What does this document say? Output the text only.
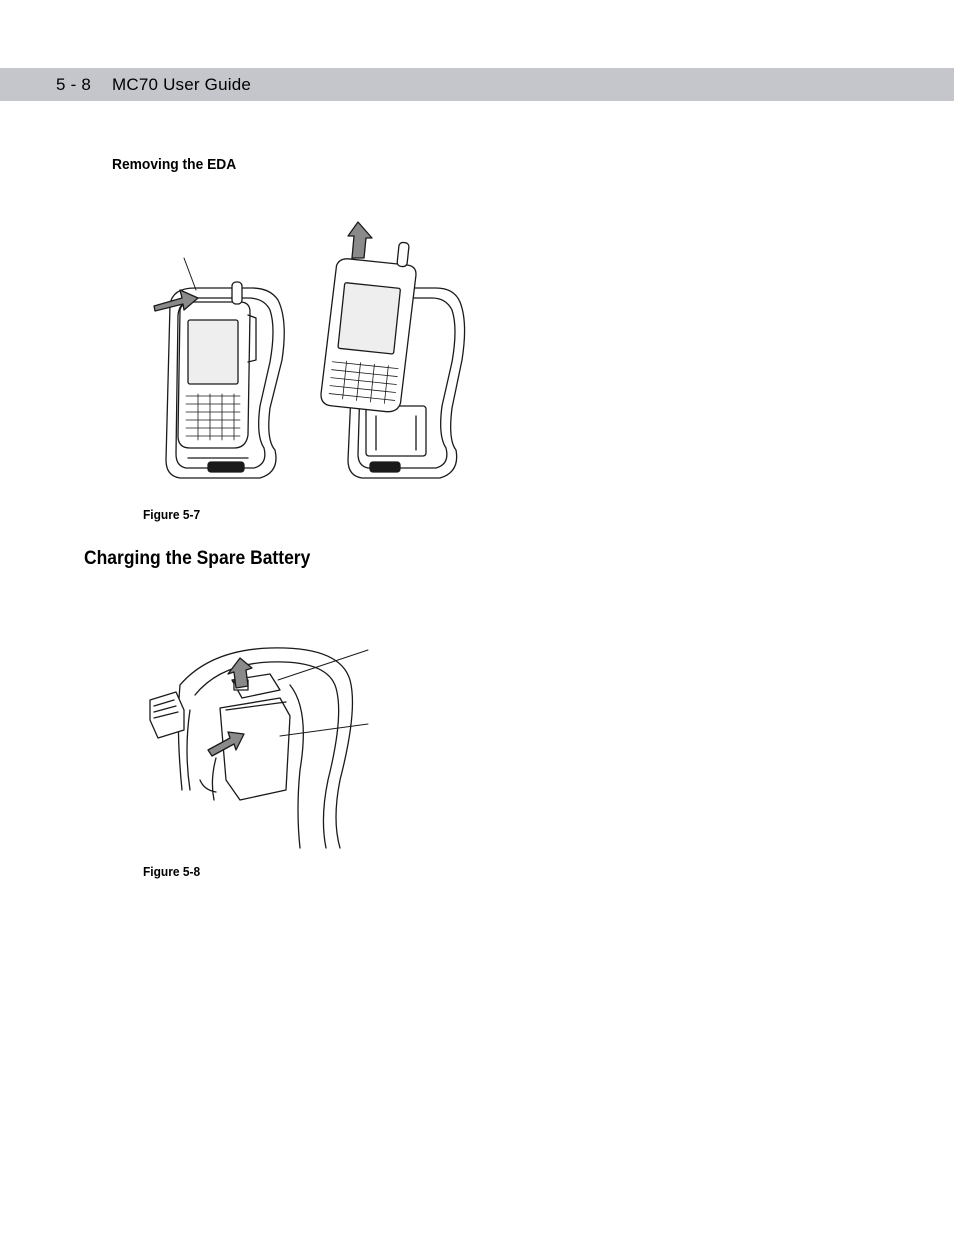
5 - 8 MC70 User Guide
Removing the EDA
Figure 5-7
Charging the Spare Battery
Figure 5-8
